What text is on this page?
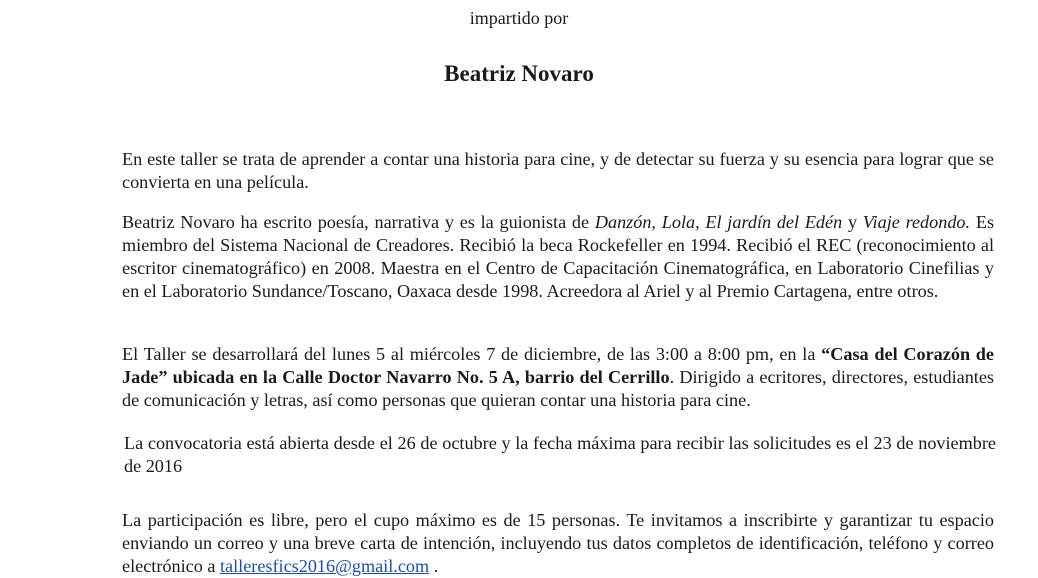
impartido por
Beatriz Novaro
En este taller se trata de aprender a contar una historia para cine, y de detectar su fuerza y su esencia para lograr que se convierta en una película.
Beatriz Novaro ha escrito poesía, narrativa y es la guionista de Danzón, Lola, El jardín del Edén y Viaje redondo. Es miembro del Sistema Nacional de Creadores. Recibió la beca Rockefeller en 1994. Recibió el REC (reconocimiento al escritor cinematográfico) en 2008. Maestra en el Centro de Capacitación Cinematográfica, en Laboratorio Cinefilias y en el Laboratorio Sundance/Toscano, Oaxaca desde 1998. Acreedora al Ariel y al Premio Cartagena, entre otros.
El Taller se desarrollará del lunes 5 al miércoles 7 de diciembre, de las 3:00 a 8:00 pm, en la “Casa del Corazón de Jade” ubicada en la Calle Doctor Navarro No. 5 A, barrio del Cerrillo. Dirigido a ecritores, directores, estudiantes de comunicación y letras, así como personas que quieran contar una historia para cine.
La convocatoria está abierta desde el 26 de octubre y la fecha máxima para recibir las solicitudes es el 23 de noviembre de 2016
La participación es libre, pero el cupo máximo es de 15 personas. Te invitamos a inscribirte y garantizar tu espacio enviando un correo y una breve carta de intención, incluyendo tus datos completos de identificación, teléfono y correo electrónico a talleresfics2016@gmail.com .
